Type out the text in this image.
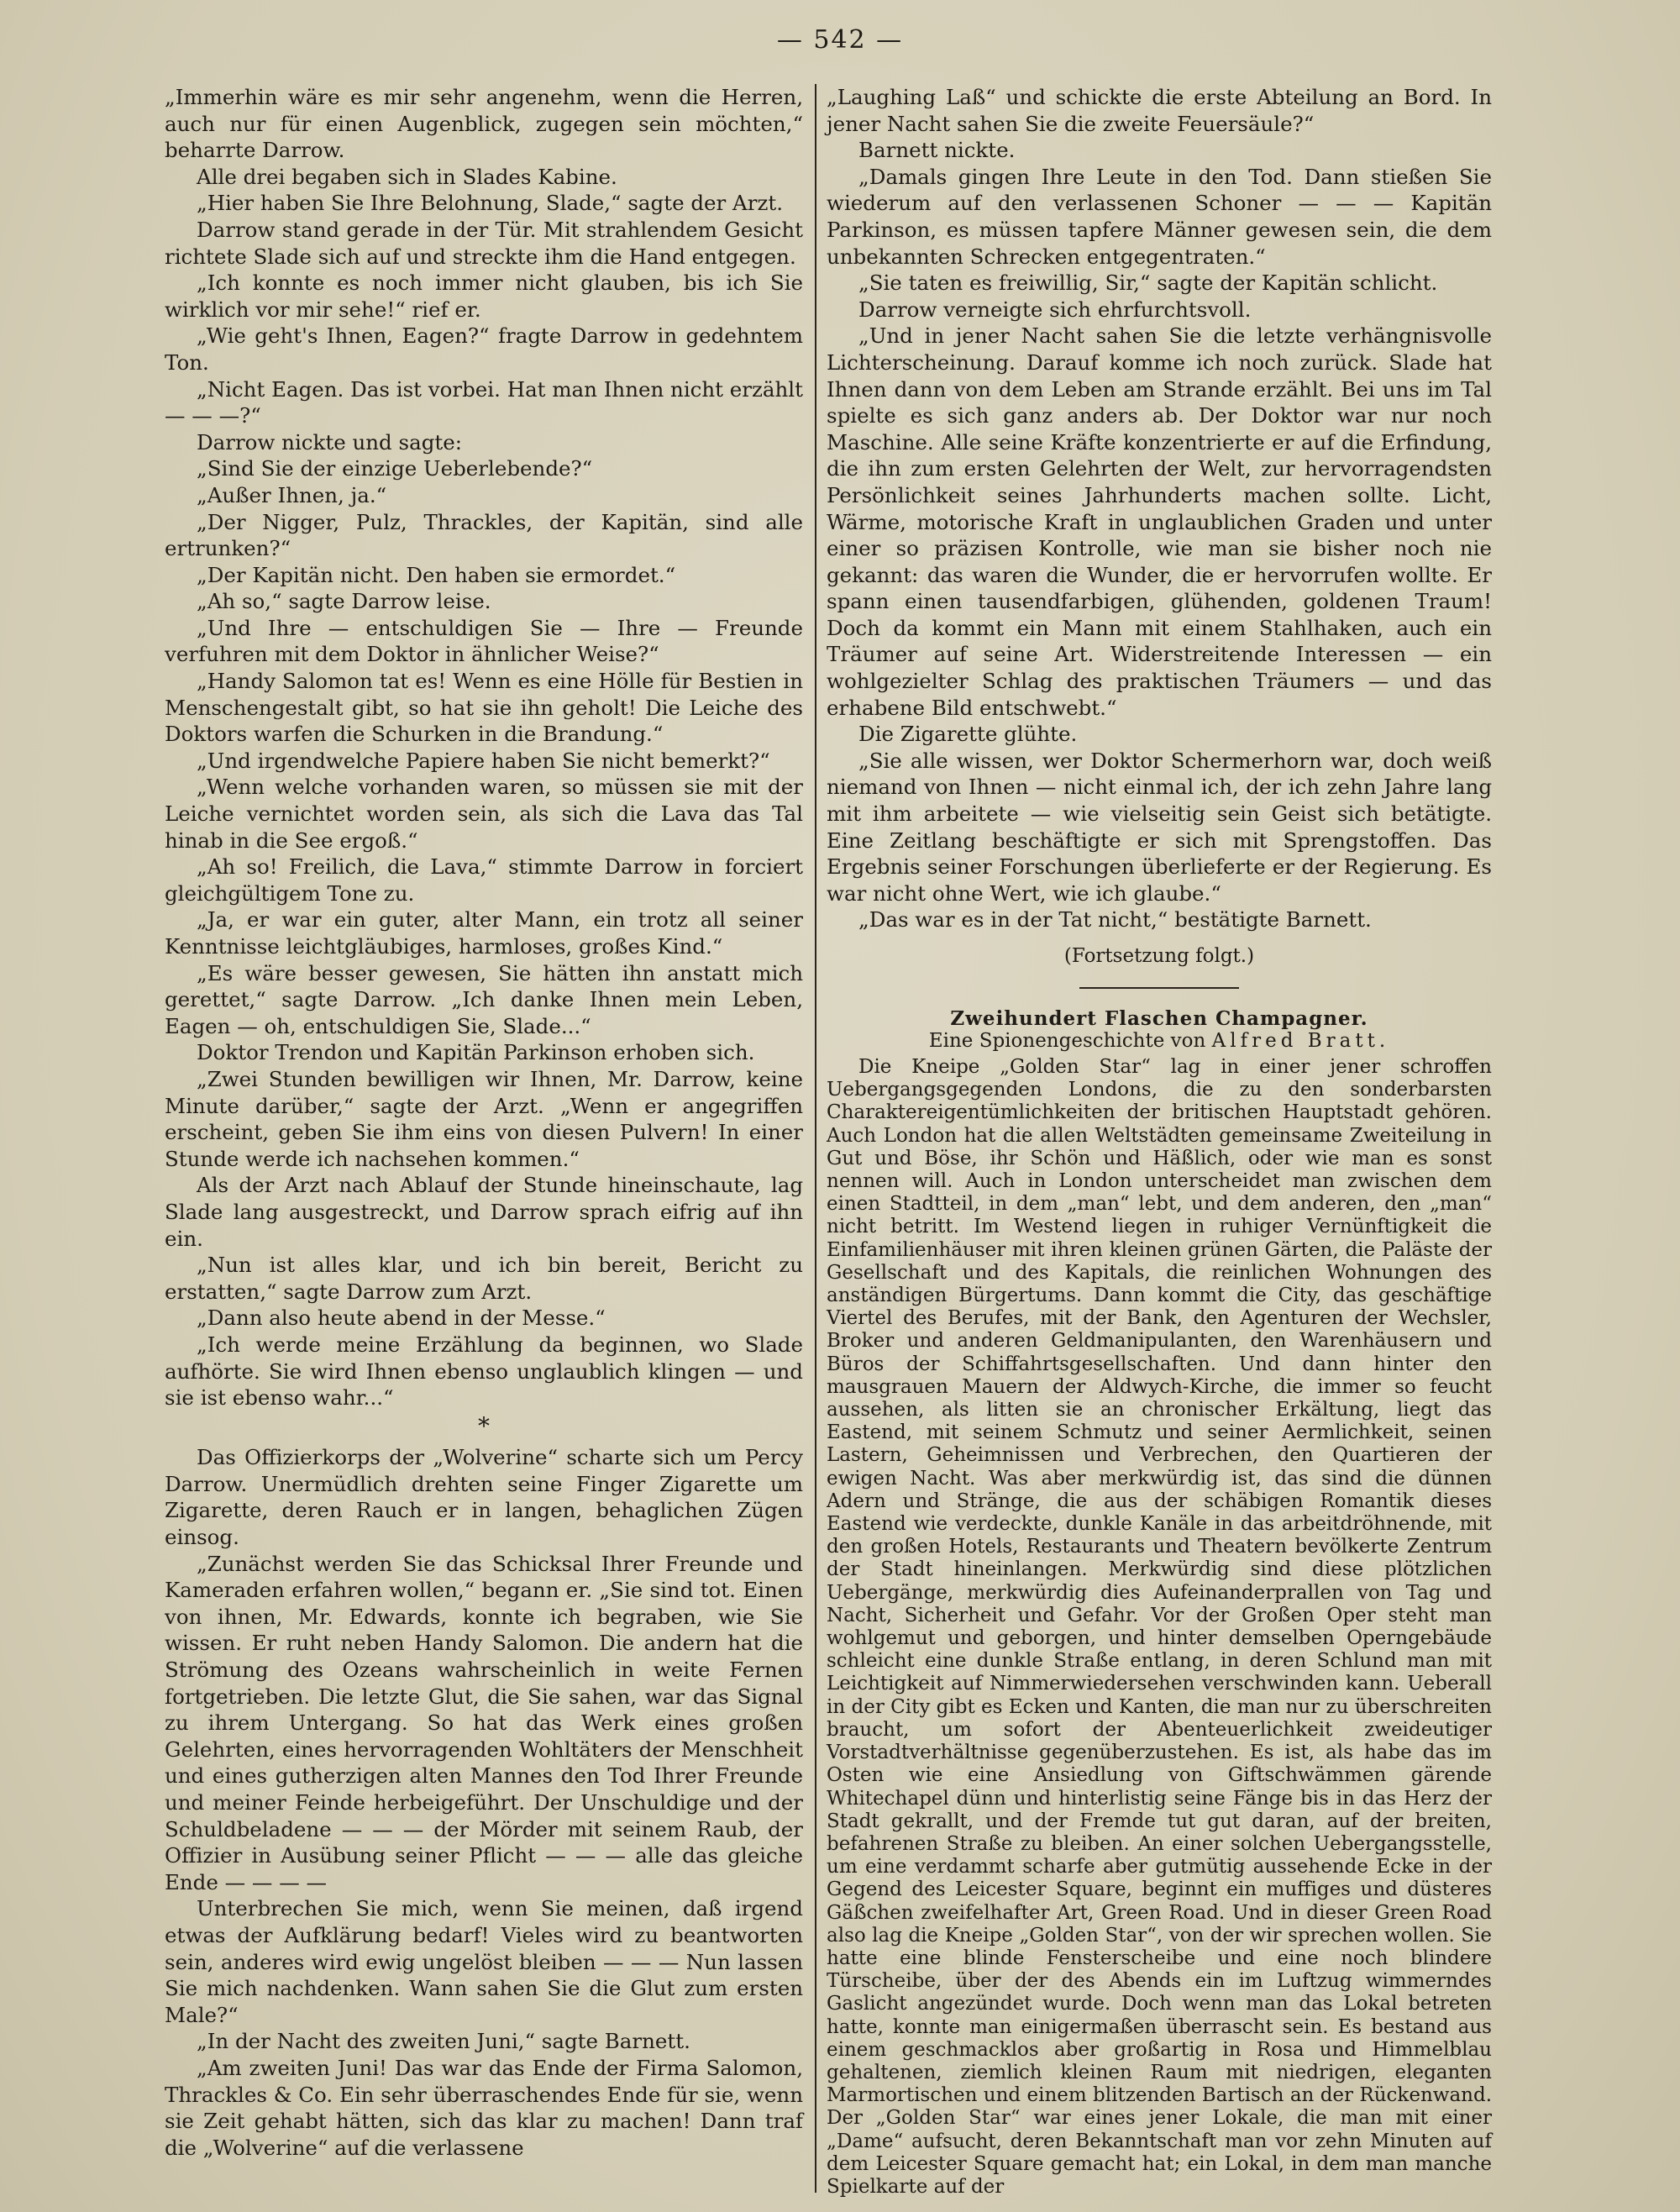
— 542 —

„Immerhin wäre es mir sehr angenehm, wenn die Herren, auch nur für einen Augenblick, zugegen sein möchten,“ beharrte Darrow.

Alle drei begaben sich in Slades Kabine.

„Hier haben Sie Ihre Belohnung, Slade,“ sagte der Arzt.

Darrow stand gerade in der Tür. Mit strahlendem Gesicht richtete Slade sich auf und streckte ihm die Hand entgegen.

„Ich konnte es noch immer nicht glauben, bis ich Sie wirklich vor mir sehe!“ rief er.

„Wie geht's Ihnen, Eagen?“ fragte Darrow in gedehntem Ton.

„Nicht Eagen. Das ist vorbei. Hat man Ihnen nicht erzählt — — —?“

Darrow nickte und sagte:

„Sind Sie der einzige Ueberlebende?“

„Außer Ihnen, ja.“

„Der Nigger, Pulz, Thrackles, der Kapitän, sind alle ertrunken?“

„Der Kapitän nicht. Den haben sie ermordet.“

„Ah so,“ sagte Darrow leise.

„Und Ihre — entschuldigen Sie — Ihre — Freunde verfuhren mit dem Doktor in ähnlicher Weise?“

„Handy Salomon tat es! Wenn es eine Hölle für Bestien in Menschengestalt gibt, so hat sie ihn geholt! Die Leiche des Doktors warfen die Schurken in die Brandung.“

„Und irgendwelche Papiere haben Sie nicht bemerkt?“

„Wenn welche vorhanden waren, so müssen sie mit der Leiche vernichtet worden sein, als sich die Lava das Tal hinab in die See ergoß.“

„Ah so! Freilich, die Lava,“ stimmte Darrow in forciert gleichgültigem Tone zu.

„Ja, er war ein guter, alter Mann, ein trotz all seiner Kenntnisse leichtgläubiges, harmloses, großes Kind.“

„Es wäre besser gewesen, Sie hätten ihn anstatt mich gerettet,“ sagte Darrow. „Ich danke Ihnen mein Leben, Eagen — oh, entschuldigen Sie, Slade...“

Doktor Trendon und Kapitän Parkinson erhoben sich.

„Zwei Stunden bewilligen wir Ihnen, Mr. Darrow, keine Minute darüber,“ sagte der Arzt. „Wenn er angegriffen erscheint, geben Sie ihm eins von diesen Pulvern! In einer Stunde werde ich nachsehen kommen.“

Als der Arzt nach Ablauf der Stunde hineinschaute, lag Slade lang ausgestreckt, und Darrow sprach eifrig auf ihn ein.

„Nun ist alles klar, und ich bin bereit, Bericht zu erstatten,“ sagte Darrow zum Arzt.

„Dann also heute abend in der Messe.“

„Ich werde meine Erzählung da beginnen, wo Slade aufhörte. Sie wird Ihnen ebenso unglaublich klingen — und sie ist ebenso wahr...“

*

Das Offizierkorps der „Wolverine“ scharte sich um Percy Darrow. Unermüdlich drehten seine Finger Zigarette um Zigarette, deren Rauch er in langen, behaglichen Zügen einsog.

„Zunächst werden Sie das Schicksal Ihrer Freunde und Kameraden erfahren wollen,“ begann er. „Sie sind tot. Einen von ihnen, Mr. Edwards, konnte ich begraben, wie Sie wissen. Er ruht neben Handy Salomon. Die andern hat die Strömung des Ozeans wahrscheinlich in weite Fernen fortgetrieben. Die letzte Glut, die Sie sahen, war das Signal zu ihrem Untergang. So hat das Werk eines großen Gelehrten, eines hervorragenden Wohltäters der Menschheit und eines gutherzigen alten Mannes den Tod Ihrer Freunde und meiner Feinde herbeigeführt. Der Unschuldige und der Schuldbeladene — — — der Mörder mit seinem Raub, der Offizier in Ausübung seiner Pflicht — — — alle das gleiche Ende — — — —

Unterbrechen Sie mich, wenn Sie meinen, daß irgend etwas der Aufklärung bedarf! Vieles wird zu beantworten sein, anderes wird ewig ungelöst bleiben — — — Nun lassen Sie mich nachdenken. Wann sahen Sie die Glut zum ersten Male?“

„In der Nacht des zweiten Juni,“ sagte Barnett.

„Am zweiten Juni! Das war das Ende der Firma Salomon, Thrackles & Co. Ein sehr überraschendes Ende für sie, wenn sie Zeit gehabt hätten, sich das klar zu machen! Dann traf die „Wolverine“ auf die verlassene

„Laughing Laß“ und schickte die erste Abteilung an Bord. In jener Nacht sahen Sie die zweite Feuersäule?“

Barnett nickte.

„Damals gingen Ihre Leute in den Tod. Dann stießen Sie wiederum auf den verlassenen Schoner — — — Kapitän Parkinson, es müssen tapfere Männer gewesen sein, die dem unbekannten Schrecken entgegentraten.“

„Sie taten es freiwillig, Sir,“ sagte der Kapitän schlicht.

Darrow verneigte sich ehrfurchtsvoll.

„Und in jener Nacht sahen Sie die letzte verhängnisvolle Lichterscheinung. Darauf komme ich noch zurück. Slade hat Ihnen dann von dem Leben am Strande erzählt. Bei uns im Tal spielte es sich ganz anders ab. Der Doktor war nur noch Maschine. Alle seine Kräfte konzentrierte er auf die Erfindung, die ihn zum ersten Gelehrten der Welt, zur hervorragendsten Persönlichkeit seines Jahrhunderts machen sollte. Licht, Wärme, motorische Kraft in unglaublichen Graden und unter einer so präzisen Kontrolle, wie man sie bisher noch nie gekannt: das waren die Wunder, die er hervorrufen wollte. Er spann einen tausendfarbigen, glühenden, goldenen Traum! Doch da kommt ein Mann mit einem Stahlhaken, auch ein Träumer auf seine Art. Widerstreitende Interessen — ein wohlgezielter Schlag des praktischen Träumers — und das erhabene Bild entschwebt.“

Die Zigarette glühte.

„Sie alle wissen, wer Doktor Schermerhorn war, doch weiß niemand von Ihnen — nicht einmal ich, der ich zehn Jahre lang mit ihm arbeitete — wie vielseitig sein Geist sich betätigte. Eine Zeitlang beschäftigte er sich mit Sprengstoffen. Das Ergebnis seiner Forschungen überlieferte er der Regierung. Es war nicht ohne Wert, wie ich glaube.“

„Das war es in der Tat nicht,“ bestätigte Barnett.

(Fortsetzung folgt.)

Zweihundert Flaschen Champagner.

Eine Spionengeschichte von Alfred Bratt.

Die Kneipe „Golden Star“ lag in einer jener schroffen Uebergangsgegenden Londons, die zu den sonderbarsten Charaktereigentümlichkeiten der britischen Hauptstadt gehören. Auch London hat die allen Weltstädten gemeinsame Zweiteilung in Gut und Böse, ihr Schön und Häßlich, oder wie man es sonst nennen will. Auch in London unterscheidet man zwischen dem einen Stadtteil, in dem „man“ lebt, und dem anderen, den „man“ nicht betritt. Im Westend liegen in ruhiger Vernünftigkeit die Einfamilienhäuser mit ihren kleinen grünen Gärten, die Paläste der Gesellschaft und des Kapitals, die reinlichen Wohnungen des anständigen Bürgertums. Dann kommt die City, das geschäftige Viertel des Berufes, mit der Bank, den Agenturen der Wechsler, Broker und anderen Geldmanipulanten, den Warenhäusern und Büros der Schiffahrtsgesellschaften. Und dann hinter den mausgrauen Mauern der Aldwych-Kirche, die immer so feucht aussehen, als litten sie an chronischer Erkältung, liegt das Eastend, mit seinem Schmutz und seiner Aermlichkeit, seinen Lastern, Geheimnissen und Verbrechen, den Quartieren der ewigen Nacht. Was aber merkwürdig ist, das sind die dünnen Adern und Stränge, die aus der schäbigen Romantik dieses Eastend wie verdeckte, dunkle Kanäle in das arbeitdröhnende, mit den großen Hotels, Restaurants und Theatern bevölkerte Zentrum der Stadt hineinlangen. Merkwürdig sind diese plötzlichen Uebergänge, merkwürdig dies Aufeinanderprallen von Tag und Nacht, Sicherheit und Gefahr. Vor der Großen Oper steht man wohlgemut und geborgen, und hinter demselben Operngebäude schleicht eine dunkle Straße entlang, in deren Schlund man mit Leichtigkeit auf Nimmerwiedersehen verschwinden kann. Ueberall in der City gibt es Ecken und Kanten, die man nur zu überschreiten braucht, um sofort der Abenteuerlichkeit zweideutiger Vorstadtverhältnisse gegenüberzustehen. Es ist, als habe das im Osten wie eine Ansiedlung von Giftschwämmen gärende Whitechapel dünn und hinterlistig seine Fänge bis in das Herz der Stadt gekrallt, und der Fremde tut gut daran, auf der breiten, befahrenen Straße zu bleiben. An einer solchen Uebergangsstelle, um eine verdammt scharfe aber gutmütig aussehende Ecke in der Gegend des Leicester Square, beginnt ein muffiges und düsteres Gäßchen zweifelhafter Art, Green Road. Und in dieser Green Road also lag die Kneipe „Golden Star“, von der wir sprechen wollen. Sie hatte eine blinde Fensterscheibe und eine noch blindere Türscheibe, über der des Abends ein im Luftzug wimmerndes Gaslicht angezündet wurde. Doch wenn man das Lokal betreten hatte, konnte man einigermaßen überrascht sein. Es bestand aus einem geschmacklos aber großartig in Rosa und Himmelblau gehaltenen, ziemlich kleinen Raum mit niedrigen, eleganten Marmortischen und einem blitzenden Bartisch an der Rückenwand. Der „Golden Star“ war eines jener Lokale, die man mit einer „Dame“ aufsucht, deren Bekanntschaft man vor zehn Minuten auf dem Leicester Square gemacht hat; ein Lokal, in dem man manche Spielkarte auf der
